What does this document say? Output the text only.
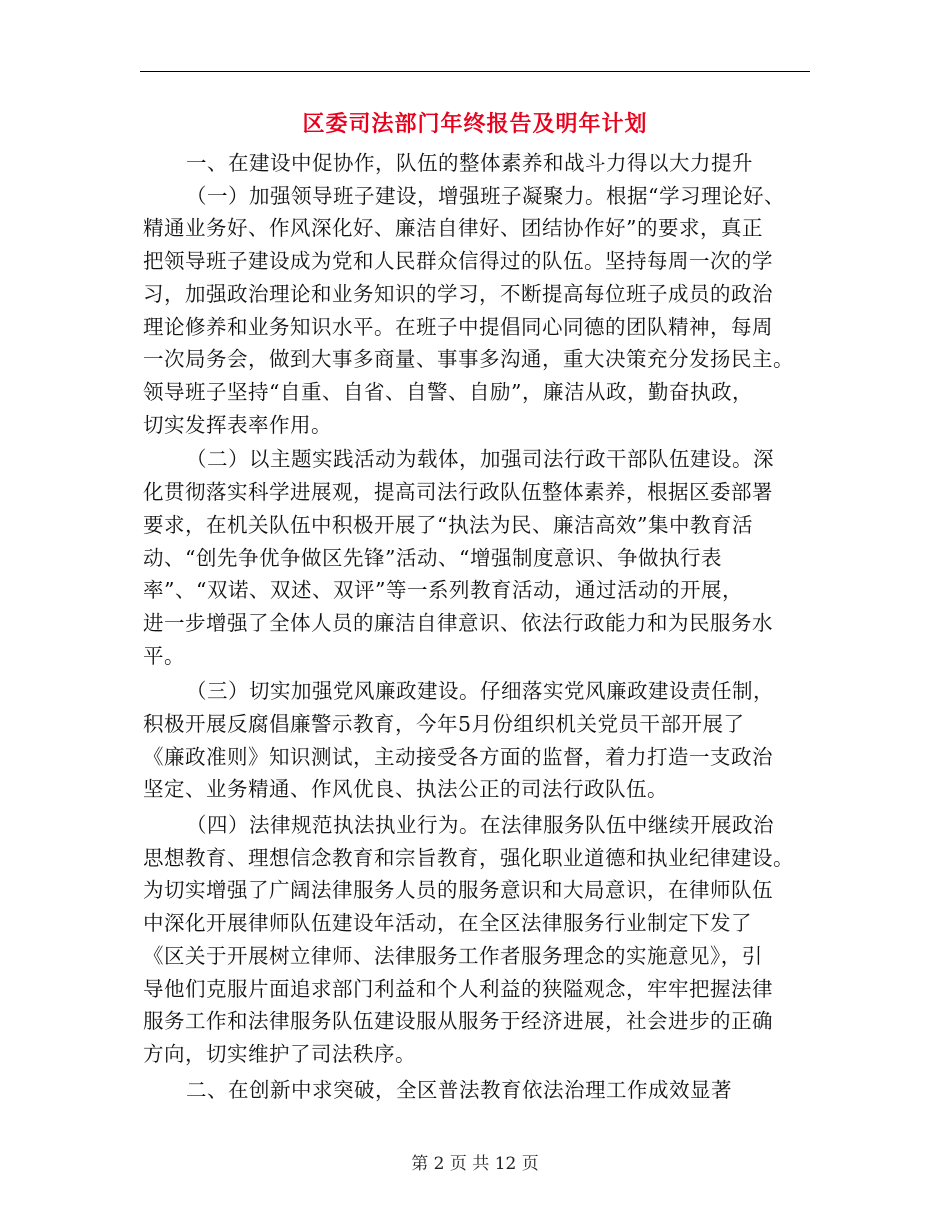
区委司法部门年终报告及明年计划
一、在建设中促协作，队伍的整体素养和战斗力得以大力提升
（一）加强领导班子建设，增强班子凝聚力。根据“学习理论好、
精通业务好、作风深化好、廉洁自律好、团结协作好”的要求，真正
把领导班子建设成为党和人民群众信得过的队伍。坚持每周一次的学
习，加强政治理论和业务知识的学习，不断提高每位班子成员的政治
理论修养和业务知识水平。在班子中提倡同心同德的团队精神，每周
一次局务会，做到大事多商量、事事多沟通，重大决策充分发扬民主。
领导班子坚持“自重、自省、自警、自励”，廉洁从政，勤奋执政，
切实发挥表率作用。
（二）以主题实践活动为载体，加强司法行政干部队伍建设。深
化贯彻落实科学进展观，提高司法行政队伍整体素养，根据区委部署
要求，在机关队伍中积极开展了“执法为民、廉洁高效”集中教育活
动、“创先争优争做区先锋”活动、“增强制度意识、争做执行表
率”、“双诺、双述、双评”等一系列教育活动，通过活动的开展，
进一步增强了全体人员的廉洁自律意识、依法行政能力和为民服务水
平。
（三）切实加强党风廉政建设。仔细落实党风廉政建设责任制，
积极开展反腐倡廉警示教育，今年5月份组织机关党员干部开展了
《廉政准则》知识测试，主动接受各方面的监督，着力打造一支政治
坚定、业务精通、作风优良、执法公正的司法行政队伍。
（四）法律规范执法执业行为。在法律服务队伍中继续开展政治
思想教育、理想信念教育和宗旨教育，强化职业道德和执业纪律建设。
为切实增强了广阔法律服务人员的服务意识和大局意识，在律师队伍
中深化开展律师队伍建设年活动，在全区法律服务行业制定下发了
《区关于开展树立律师、法律服务工作者服务理念的实施意见》，引
导他们克服片面追求部门利益和个人利益的狭隘观念，牢牢把握法律
服务工作和法律服务队伍建设服从服务于经济进展，社会进步的正确
方向，切实维护了司法秩序。
二、在创新中求突破，全区普法教育依法治理工作成效显著
第 2 页 共 12 页
